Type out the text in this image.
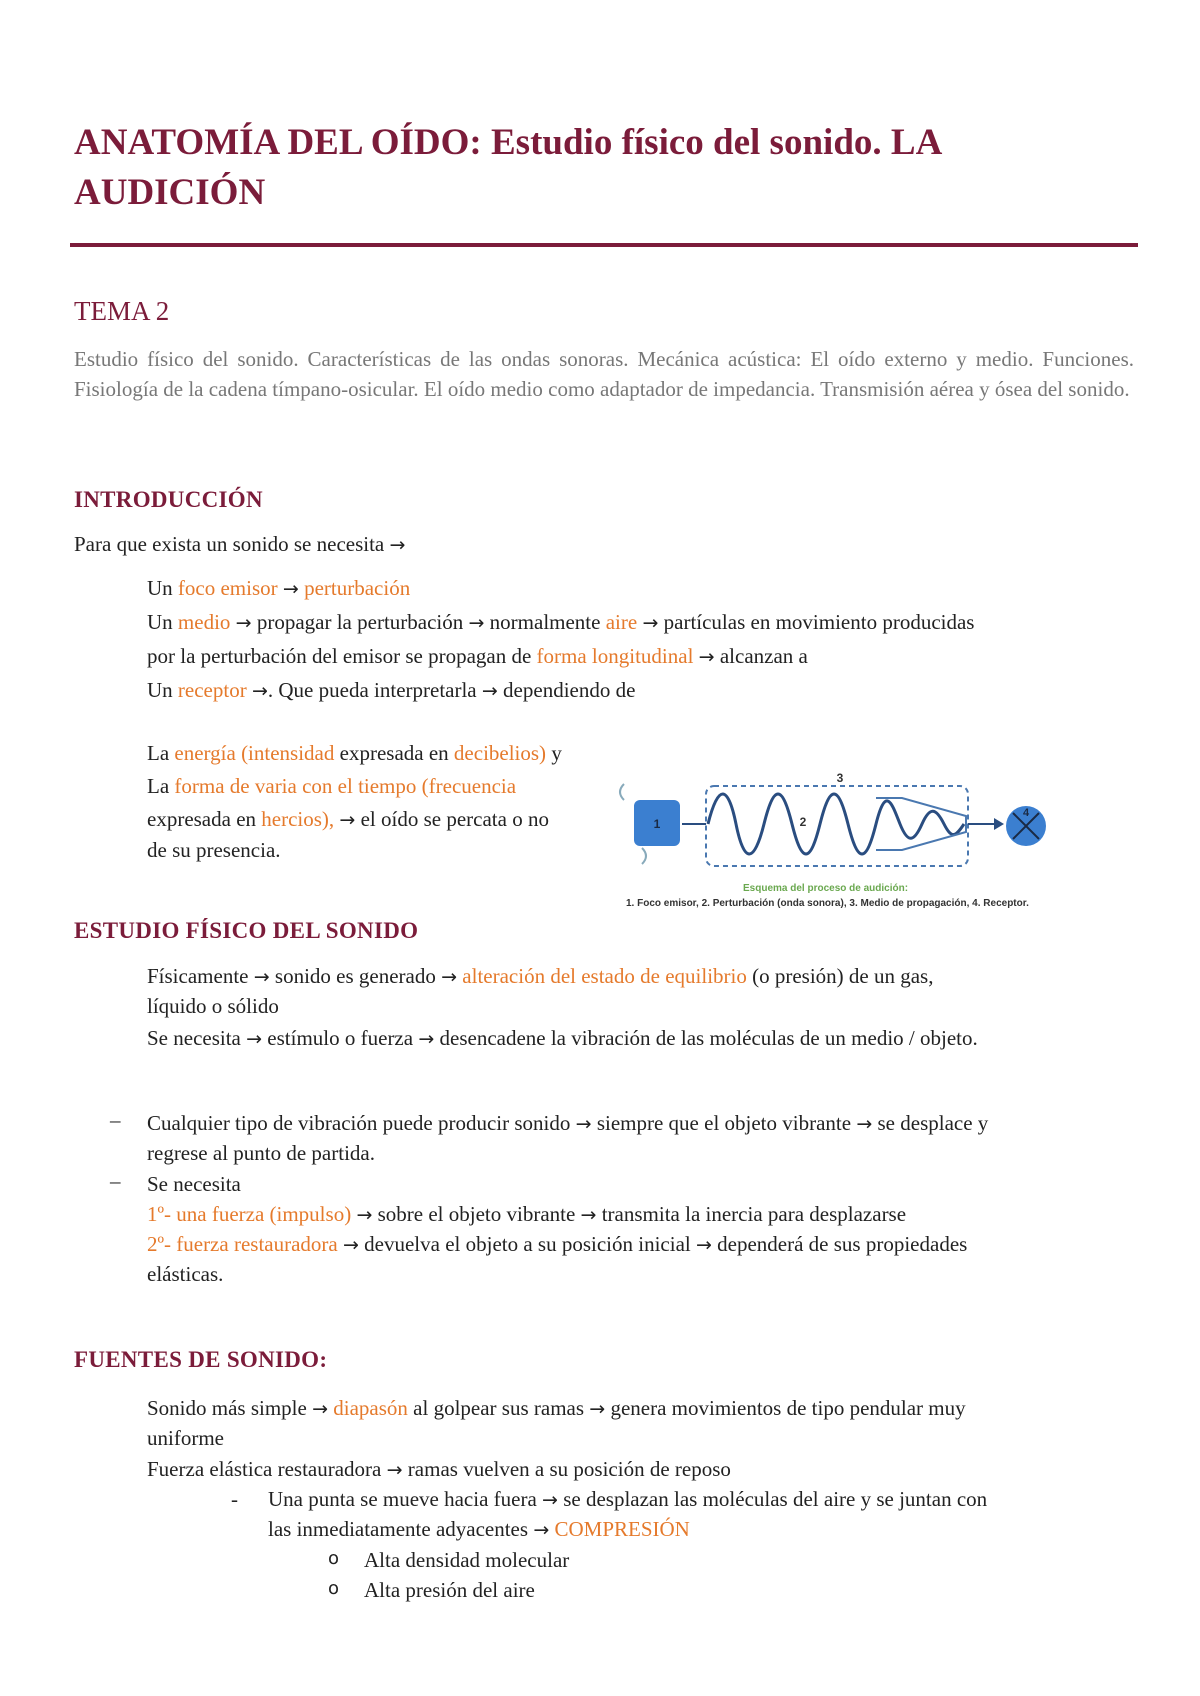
ANATOMÍA DEL OÍDO: Estudio físico del sonido. LA AUDICIÓN
TEMA 2

Estudio físico del sonido. Características de las ondas sonoras. Mecánica acústica: El oído externo y medio. Funciones. Fisiología de la cadena tímpano-osicular. El oído medio como adaptador de impedancia. Transmisión aérea y ósea del sonido.

INTRODUCCIÓN
Para que exista un sonido se necesita →
Un foco emisor → perturbación
Un medio → propagar la perturbación → normalmente aire → partículas en movimiento producidas
por la perturbación del emisor se propagan de forma longitudinal → alcanzan a
Un receptor →. Que pueda interpretarla → dependiendo de
La energía (intensidad expresada en decibelios) y
La forma de varia con el tiempo (frecuencia
expresada en hercios), → el oído se percata o no
de su presencia.
ESTUDIO FÍSICO DEL SONIDO
Físicamente → sonido es generado → alteración del estado de equilibrio (o presión) de un gas,
líquido o sólido
Se necesita → estímulo o fuerza → desencadene la vibración de las moléculas de un medio / objeto.
– Cualquier tipo de vibración puede producir sonido → siempre que el objeto vibrante → se desplace y
regrese al punto de partida.
– Se necesita
1º- una fuerza (impulso) → sobre el objeto vibrante → transmita la inercia para desplazarse
2º- fuerza restauradora → devuelva el objeto a su posición inicial → dependerá de sus propiedades
elásticas.
FUENTES DE SONIDO:
Sonido más simple → diapasón al golpear sus ramas → genera movimientos de tipo pendular muy
uniforme
Fuerza elástica restauradora → ramas vuelven a su posición de reposo
- Una punta se mueve hacia fuera → se desplazan las moléculas del aire y se juntan con
las inmediatamente adyacentes → COMPRESIÓN
o Alta densidad molecular
o Alta presión del aire
1
3
2
4
Esquema del proceso de audición:
1. Foco emisor, 2. Perturbación (onda sonora), 3. Medio de propagación, 4. Receptor.
